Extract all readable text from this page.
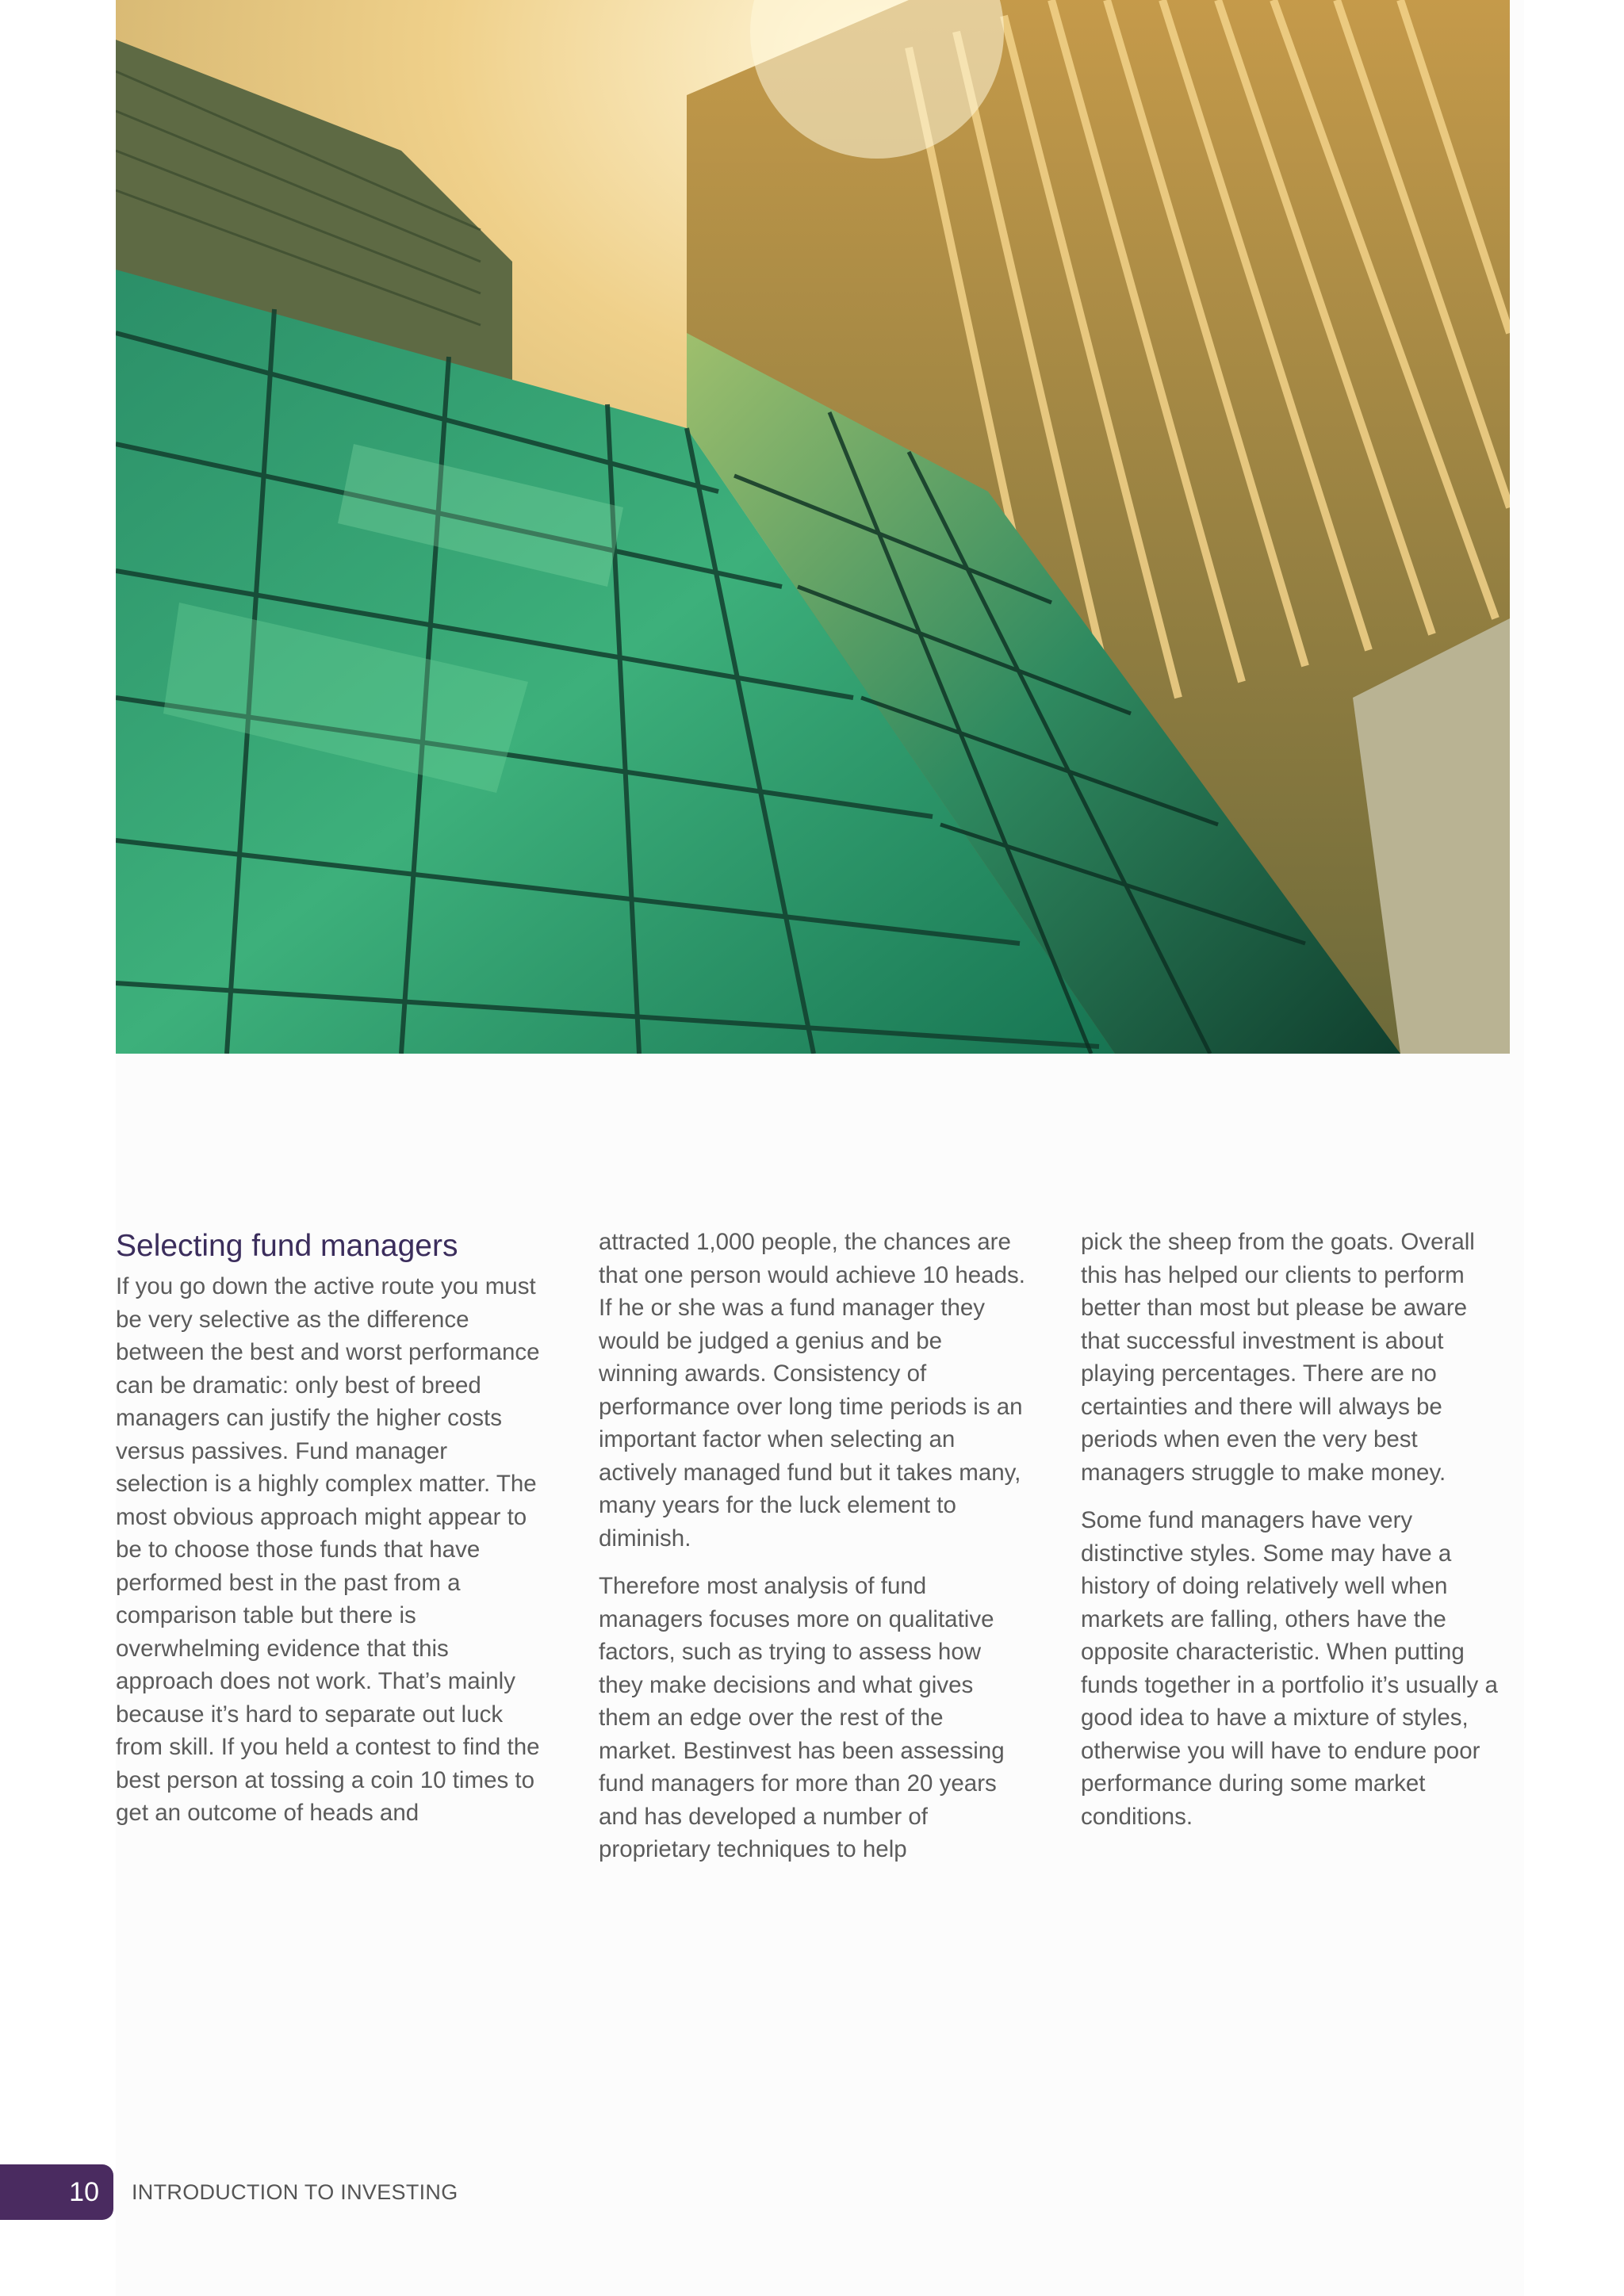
Selecting fund managers

If you go down the active route you must be very selective as the difference between the best and worst performance can be dramatic: only best of breed managers can justify the higher costs versus passives. Fund manager selection is a highly complex matter. The most obvious approach might appear to be to choose those funds that have performed best in the past from a comparison table but there is overwhelming evidence that this approach does not work. That’s mainly because it’s hard to separate out luck from skill. If you held a contest to find the best person at tossing a coin 10 times to get an outcome of heads and

attracted 1,000 people, the chances are that one person would achieve 10 heads. If he or she was a fund manager they would be judged a genius and be winning awards. Consistency of performance over long time periods is an important factor when selecting an actively managed fund but it takes many, many years for the luck element to diminish.

Therefore most analysis of fund managers focuses more on qualitative factors, such as trying to assess how they make decisions and what gives them an edge over the rest of the market. Bestinvest has been assessing fund managers for more than 20 years and has developed a number of proprietary techniques to help

pick the sheep from the goats. Overall this has helped our clients to perform better than most but please be aware that successful investment is about playing percentages. There are no certainties and there will always be periods when even the very best managers struggle to make money.

Some fund managers have very distinctive styles. Some may have a history of doing relatively well when markets are falling, others have the opposite characteristic. When putting funds together in a portfolio it’s usually a good idea to have a mixture of styles, otherwise you will have to endure poor performance during some market conditions.

10	INTRODUCTION TO INVESTING
